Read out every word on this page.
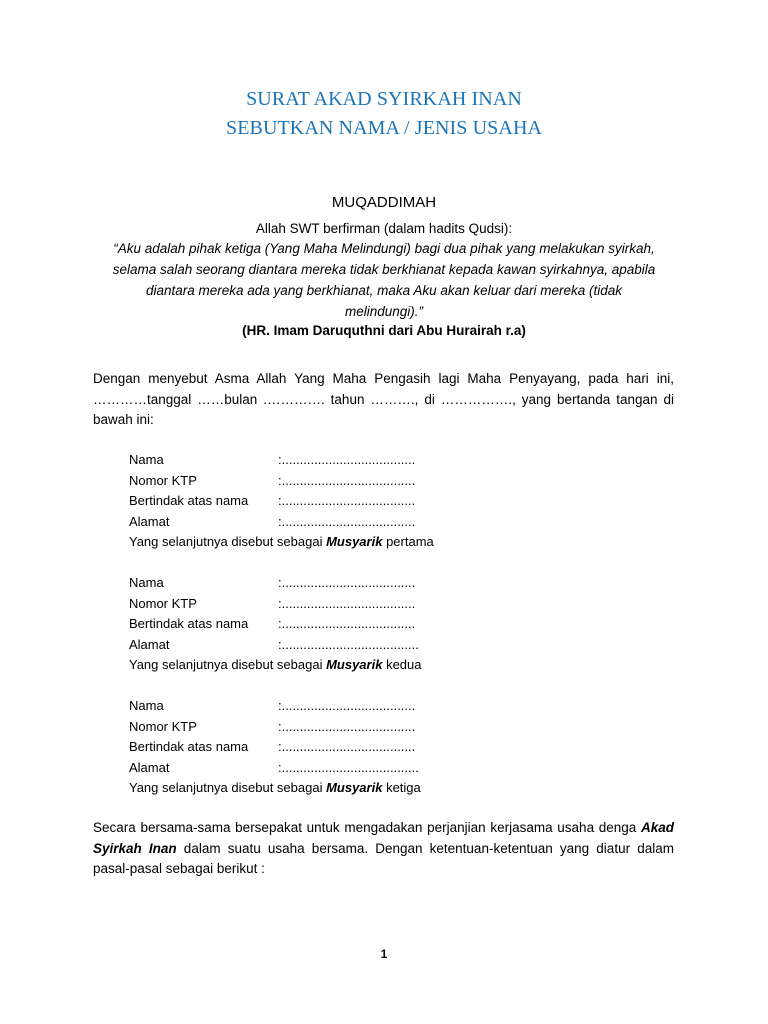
SURAT AKAD SYIRKAH INAN
SEBUTKAN NAMA / JENIS USAHA
MUQADDIMAH
Allah SWT berfirman (dalam hadits Qudsi):
“Aku adalah pihak ketiga (Yang Maha Melindungi) bagi dua pihak yang melakukan syirkah,
selama salah seorang diantara mereka tidak berkhianat kepada kawan syirkahnya, apabila
diantara mereka ada yang berkhianat, maka Aku akan keluar dari mereka (tidak
melindungi).”
(HR. Imam Daruquthni dari Abu Hurairah r.a)
Dengan menyebut Asma Allah Yang Maha Pengasih lagi Maha Penyayang, pada hari ini, …………tanggal ……bulan .…………. tahun ………., di ……………., yang bertanda tangan di bawah ini:
Nama	:.....................................
Nomor KTP	:.....................................
Bertindak atas nama :.....................................
Alamat	:.....................................
Yang selanjutnya disebut sebagai Musyarik pertama
Nama	:.....................................
Nomor KTP	:.....................................
Bertindak atas nama :.....................................
Alamat	:......................................
Yang selanjutnya disebut sebagai Musyarik kedua
Nama	:.....................................
Nomor KTP	:.....................................
Bertindak atas nama :.....................................
Alamat	:......................................
Yang selanjutnya disebut sebagai Musyarik ketiga
Secara bersama-sama bersepakat untuk mengadakan perjanjian kerjasama usaha denga Akad Syirkah Inan dalam suatu usaha bersama. Dengan ketentuan-ketentuan yang diatur dalam pasal-pasal sebagai berikut :
1
